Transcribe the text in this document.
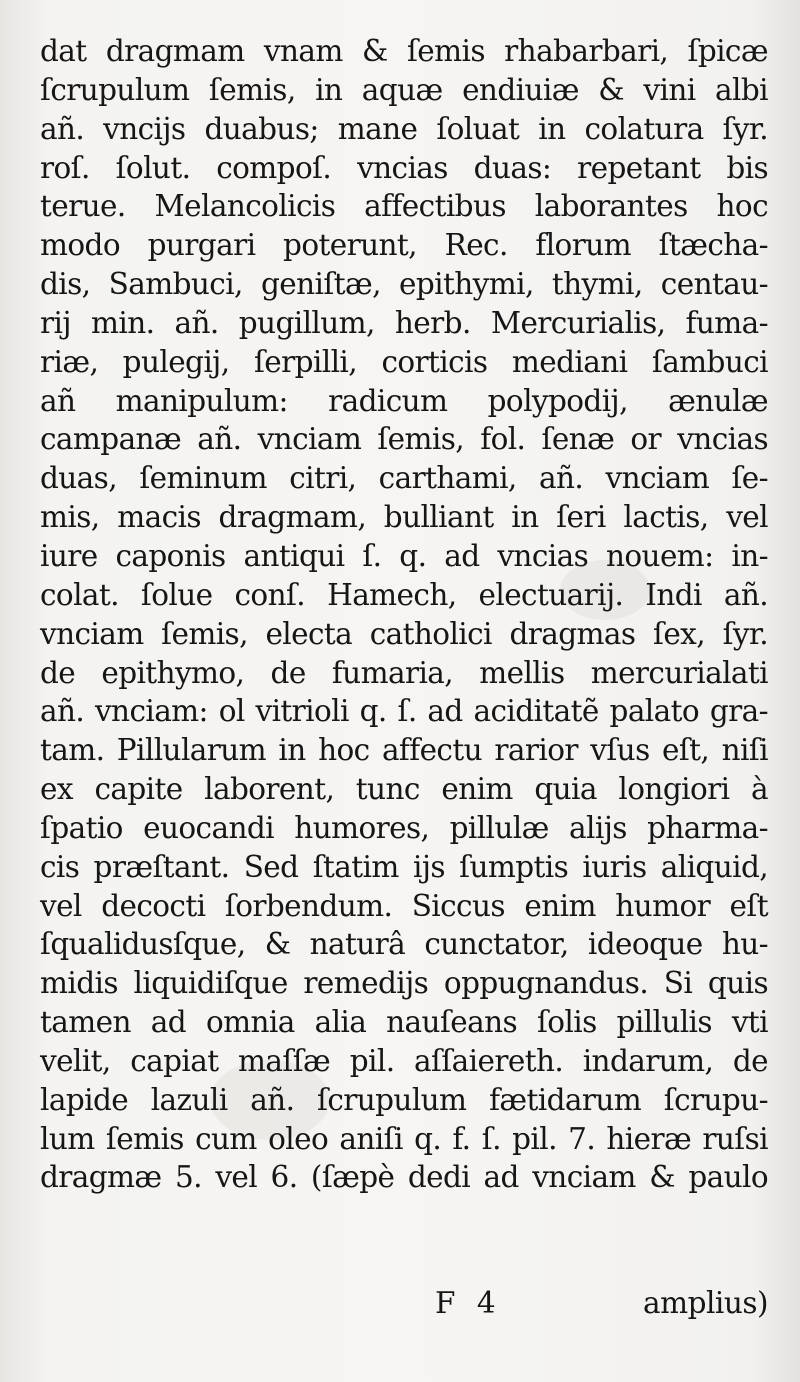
dat dragmam vnam & ſemis rhabarbari, ſpicæ
ſcrupulum ſemis, in aquæ endiuiæ & vini albi
añ. vncijs duabus; mane ſoluat in colatura ſyr.
roſ. ſolut. compoſ. vncias duas: repetant bis
terue. Melancolicis affectibus laborantes hoc
modo purgari poterunt, Rec. florum ſtæcha-
dis, Sambuci, geniſtæ, epithymi, thymi, centau-
rij min. añ. pugillum, herb. Mercurialis, fuma-
riæ, pulegij, ſerpilli, corticis mediani ſambuci
añ manipulum: radicum polypodij, ænulæ
campanæ añ. vnciam ſemis, fol. ſenæ or vncias
duas, ſeminum citri, carthami, añ. vnciam ſe-
mis, macis dragmam, bulliant in ſeri lactis, vel
iure caponis antiqui ſ. q. ad vncias nouem: in-
colat. ſolue conſ. Hamech, electuarij. Indi añ.
vnciam ſemis, electa catholici dragmas ſex, ſyr.
de epithymo, de fumaria, mellis mercurialati
añ. vnciam: ol vitrioli q. ſ. ad aciditatẽ palato gra-
tam. Pillularum in hoc affectu rarior vſus eſt, niſi
ex capite laborent, tunc enim quia longiori à
ſpatio euocandi humores, pillulæ alijs pharma-
cis præſtant. Sed ſtatim ijs ſumptis iuris aliquid,
vel decocti ſorbendum. Siccus enim humor eſt
ſqualidusſque, & naturâ cunctator, ideoque hu-
midis liquidiſque remedijs oppugnandus. Si quis
tamen ad omnia alia nauſeans ſolis pillulis vti
velit, capiat maſſæ pil. aſſaiereth. indarum, de
lapide lazuli añ. ſcrupulum fætidarum ſcrupu-
lum ſemis cum oleo aniſi q. f. ſ. pil. 7. hieræ ruſsi
dragmæ 5. vel 6. (ſæpè dedi ad vnciam & paulo
F 4	amplius)
